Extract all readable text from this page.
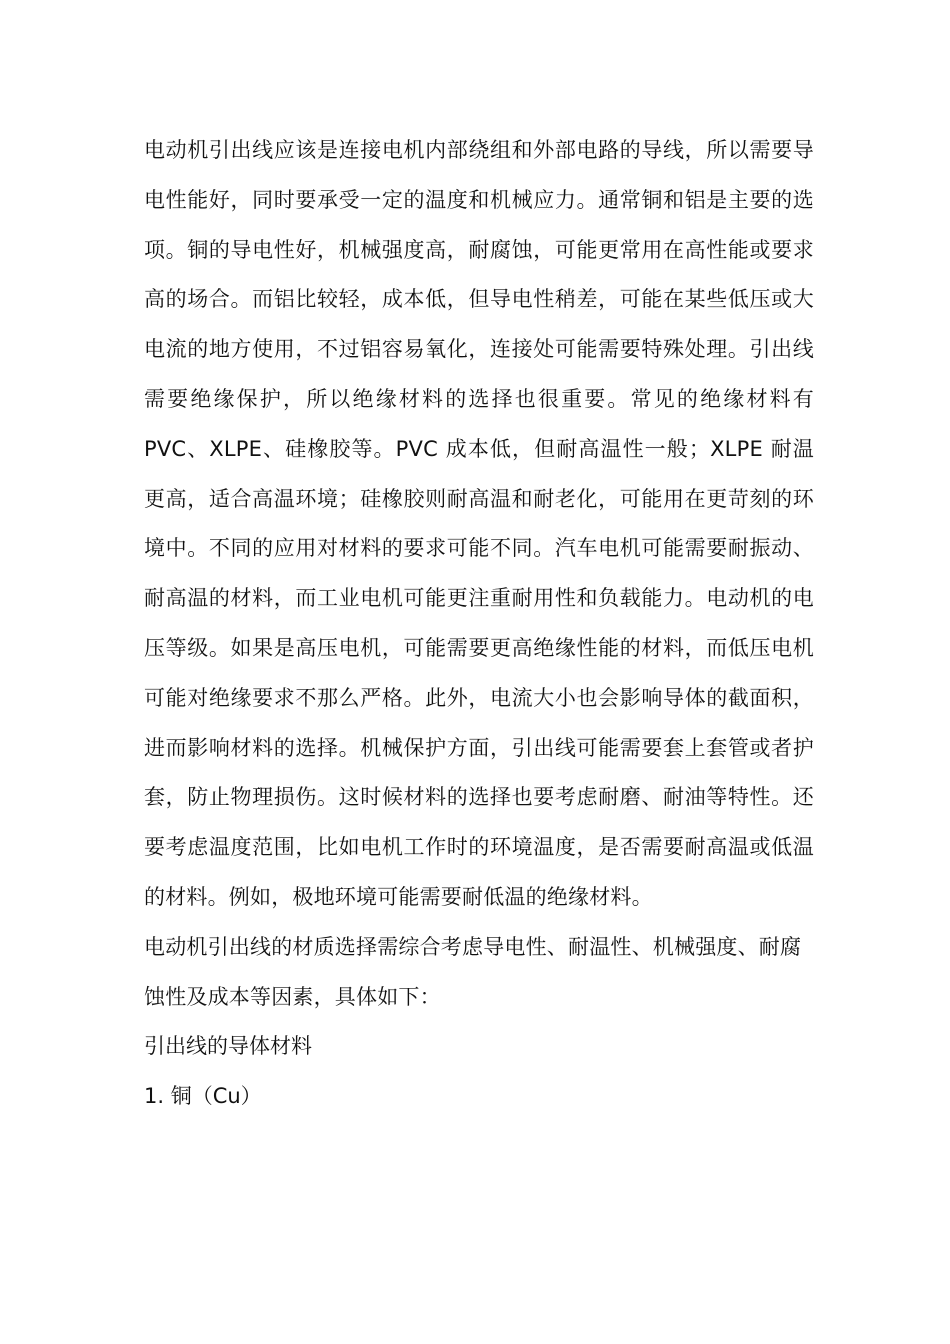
电动机引出线应该是连接电机内部绕组和外部电路的导线，所以需要导电性能好，同时要承受一定的温度和机械应力。通常铜和铝是主要的选项。铜的导电性好，机械强度高，耐腐蚀，可能更常用在高性能或要求高的场合。而铝比较轻，成本低，但导电性稍差，可能在某些低压或大电流的地方使用，不过铝容易氧化，连接处可能需要特殊处理。引出线需要绝缘保护，所以绝缘材料的选择也很重要。常见的绝缘材料有 PVC、XLPE、硅橡胶等。PVC 成本低，但耐高温性一般；XLPE 耐温更高，适合高温环境；硅橡胶则耐高温和耐老化，可能用在更苛刻的环境中。不同的应用对材料的要求可能不同。汽车电机可能需要耐振动、耐高温的材料，而工业电机可能更注重耐用性和负载能力。电动机的电压等级。如果是高压电机，可能需要更高绝缘性能的材料，而低压电机可能对绝缘要求不那么严格。此外，电流大小也会影响导体的截面积，进而影响材料的选择。机械保护方面，引出线可能需要套上套管或者护套，防止物理损伤。这时候材料的选择也要考虑耐磨、耐油等特性。还要考虑温度范围，比如电机工作时的环境温度，是否需要耐高温或低温的材料。例如，极地环境可能需要耐低温的绝缘材料。

电动机引出线的材质选择需综合考虑导电性、耐温性、机械强度、耐腐蚀性及成本等因素，具体如下：

引出线的导体材料

1. 铜（Cu）
